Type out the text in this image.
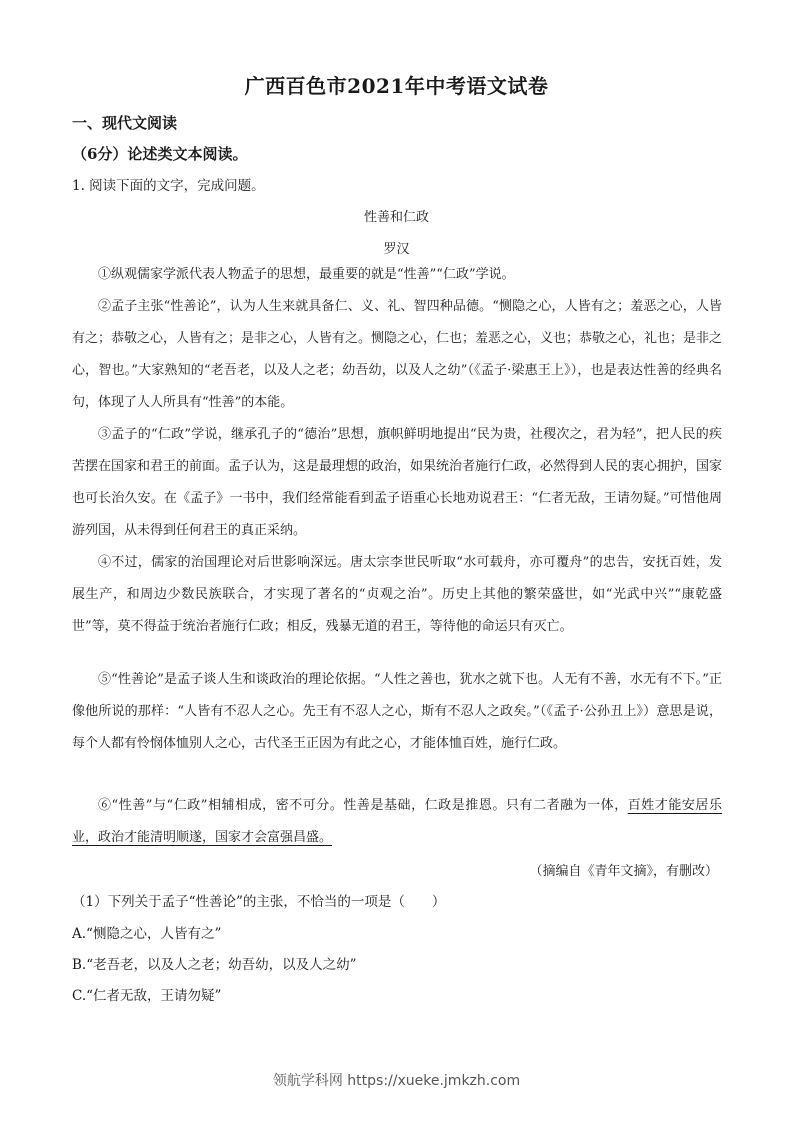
广西百色市2021年中考语文试卷
一、现代文阅读
（6分）论述类文本阅读。
1. 阅读下面的文字，完成问题。
性善和仁政
罗汉
①纵观儒家学派代表人物孟子的思想，最重要的就是“性善”“仁政”学说。
②孟子主张“性善论”，认为人生来就具备仁、义、礼、智四种品德。“恻隐之心，人皆有之；羞恶之心，人皆有之；恭敬之心，人皆有之；是非之心，人皆有之。恻隐之心，仁也；羞恶之心，义也；恭敬之心，礼也；是非之心，智也。”大家熟知的“老吾老，以及人之老；幼吾幼，以及人之幼”（《孟子·梁惠王上》），也是表达性善的经典名句，体现了人人所具有“性善”的本能。
③孟子的“仁政”学说，继承孔子的“德治”思想，旗帜鲜明地提出“民为贵，社稷次之，君为轻”，把人民的疾苦摆在国家和君王的前面。孟子认为，这是最理想的政治，如果统治者施行仁政，必然得到人民的衷心拥护，国家也可长治久安。在《孟子》一书中，我们经常能看到孟子语重心长地劝说君王：“仁者无敌，王请勿疑。”可惜他周游列国，从未得到任何君王的真正采纳。
④不过，儒家的治国理论对后世影响深远。唐太宗李世民听取“水可载舟，亦可覆舟”的忠告，安抚百姓，发展生产，和周边少数民族联合，才实现了著名的“贞观之治”。历史上其他的繁荣盛世，如“光武中兴”“康乾盛世”等，莫不得益于统治者施行仁政；相反，残暴无道的君王，等待他的命运只有灭亡。
⑤“性善论”是孟子谈人生和谈政治的理论依据。“人性之善也，犹水之就下也。人无有不善，水无有不下。”正像他所说的那样：“人皆有不忍人之心。先王有不忍人之心，斯有不忍人之政矣。”（《孟子·公孙丑上》）意思是说，每个人都有怜悯体恤别人之心，古代圣王正因为有此之心，才能体恤百姓，施行仁政。
⑥“性善”与“仁政”相辅相成，密不可分。性善是基础，仁政是推恩。只有二者融为一体，百姓才能安居乐业，政治才能清明顺遂，国家才会富强昌盛。
（摘编自《青年文摘》，有删改）
（1）下列关于孟子“性善论”的主张，不恰当的一项是（　　）
A.“恻隐之心，人皆有之”
B.“老吾老，以及人之老；幼吾幼，以及人之幼”
C.“仁者无敌，王请勿疑”
领航学科网 https://xueke.jmkzh.com
